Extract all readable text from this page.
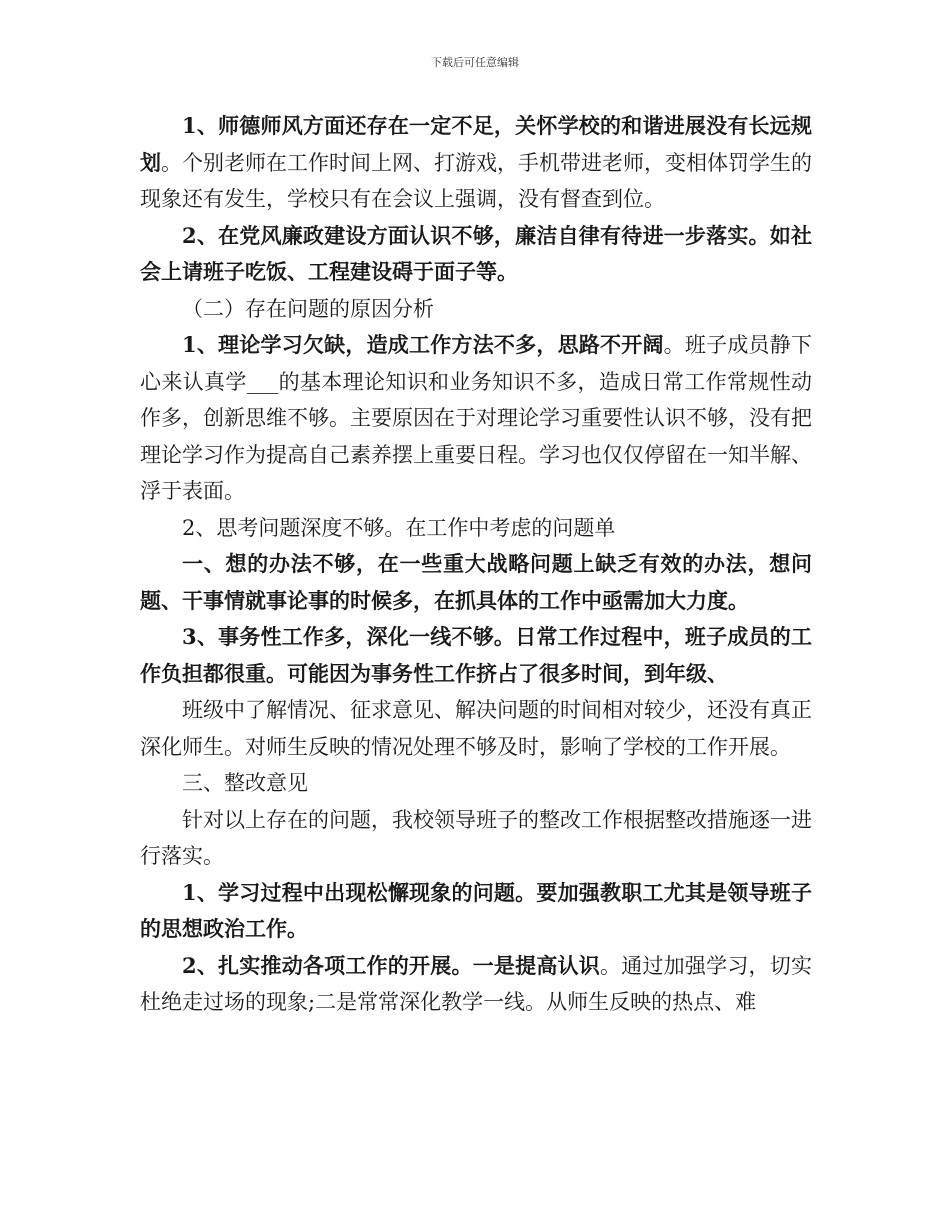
下载后可任意编辑

1、师德师风方面还存在一定不足，关怀学校的和谐进展没有长远规划。个别老师在工作时间上网、打游戏，手机带进老师，变相体罚学生的现象还有发生，学校只有在会议上强调，没有督查到位。

2、在党风廉政建设方面认识不够，廉洁自律有待进一步落实。如社会上请班子吃饭、工程建设碍于面子等。

（二）存在问题的原因分析

1、理论学习欠缺，造成工作方法不多，思路不开阔。班子成员静下心来认真学___的基本理论知识和业务知识不多，造成日常工作常规性动作多，创新思维不够。主要原因在于对理论学习重要性认识不够，没有把理论学习作为提高自己素养摆上重要日程。学习也仅仅停留在一知半解、浮于表面。

2、思考问题深度不够。在工作中考虑的问题单

一、想的办法不够，在一些重大战略问题上缺乏有效的办法，想问题、干事情就事论事的时候多，在抓具体的工作中亟需加大力度。

3、事务性工作多，深化一线不够。日常工作过程中，班子成员的工作负担都很重。可能因为事务性工作挤占了很多时间，到年级、

班级中了解情况、征求意见、解决问题的时间相对较少，还没有真正深化师生。对师生反映的情况处理不够及时，影响了学校的工作开展。

三、整改意见

针对以上存在的问题，我校领导班子的整改工作根据整改措施逐一进行落实。

1、学习过程中出现松懈现象的问题。要加强教职工尤其是领导班子的思想政治工作。

2、扎实推动各项工作的开展。一是提高认识。通过加强学习，切实杜绝走过场的现象;二是常常深化教学一线。从师生反映的热点、难
